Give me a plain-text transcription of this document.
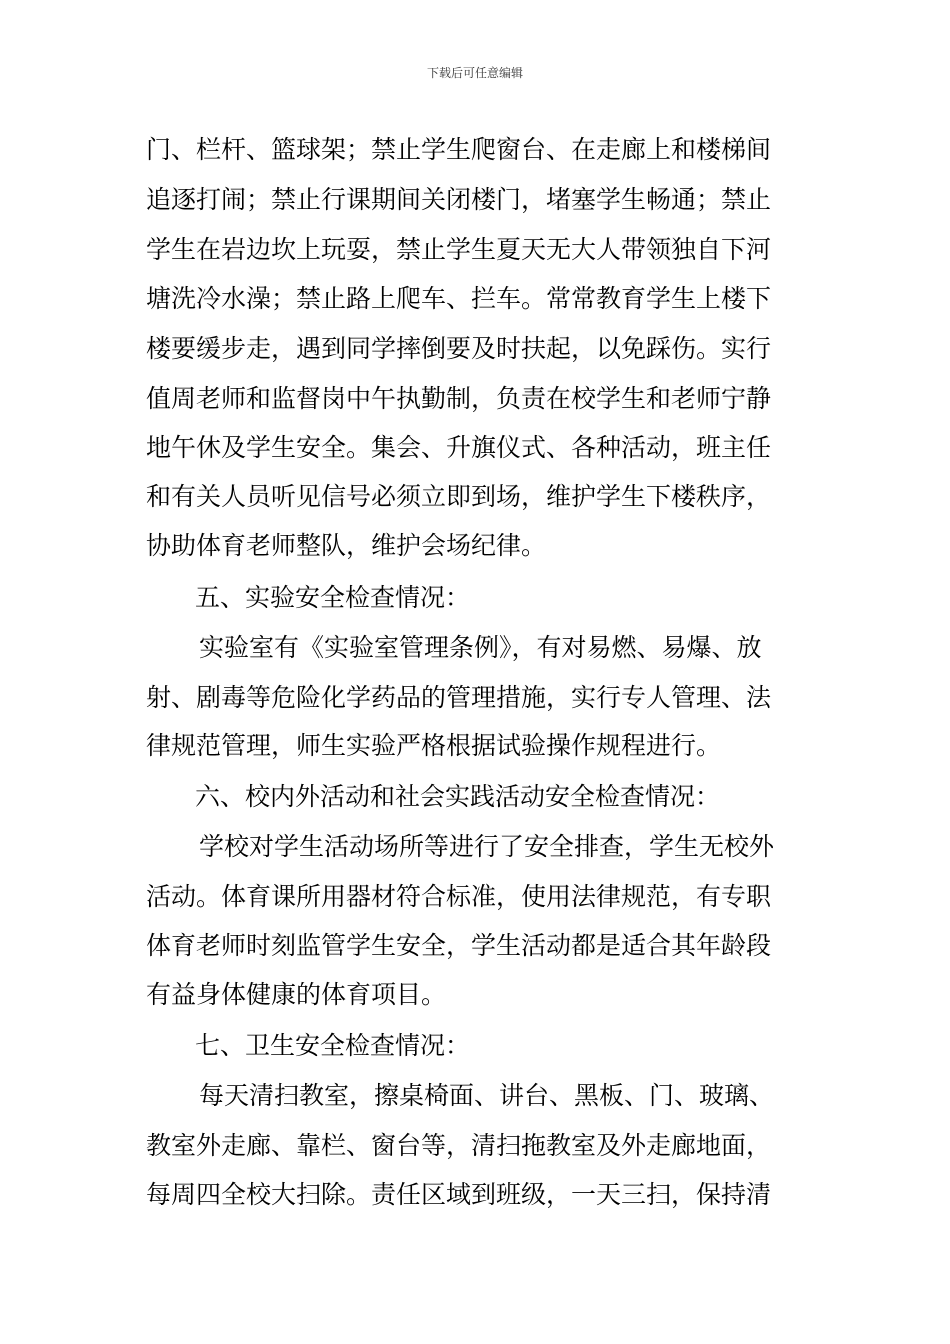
下载后可任意编辑
门、栏杆、篮球架；禁止学生爬窗台、在走廊上和楼梯间
追逐打闹；禁止行课期间关闭楼门，堵塞学生畅通；禁止
学生在岩边坎上玩耍，禁止学生夏天无大人带领独自下河
塘洗冷水澡；禁止路上爬车、拦车。常常教育学生上楼下
楼要缓步走，遇到同学摔倒要及时扶起，以免踩伤。实行
值周老师和监督岗中午执勤制，负责在校学生和老师宁静
地午休及学生安全。集会、升旗仪式、各种活动，班主任
和有关人员听见信号必须立即到场，维护学生下楼秩序，
协助体育老师整队，维护会场纪律。
五、实验安全检查情况：
实验室有《实验室管理条例》，有对易燃、易爆、放
射、剧毒等危险化学药品的管理措施，实行专人管理、法
律规范管理，师生实验严格根据试验操作规程进行。
六、校内外活动和社会实践活动安全检查情况：
学校对学生活动场所等进行了安全排查，学生无校外
活动。体育课所用器材符合标准，使用法律规范，有专职
体育老师时刻监管学生安全，学生活动都是适合其年龄段
有益身体健康的体育项目。
七、卫生安全检查情况：
每天清扫教室，擦桌椅面、讲台、黑板、门、玻璃、
教室外走廊、靠栏、窗台等，清扫拖教室及外走廊地面，
每周四全校大扫除。责任区域到班级，一天三扫，保持清
